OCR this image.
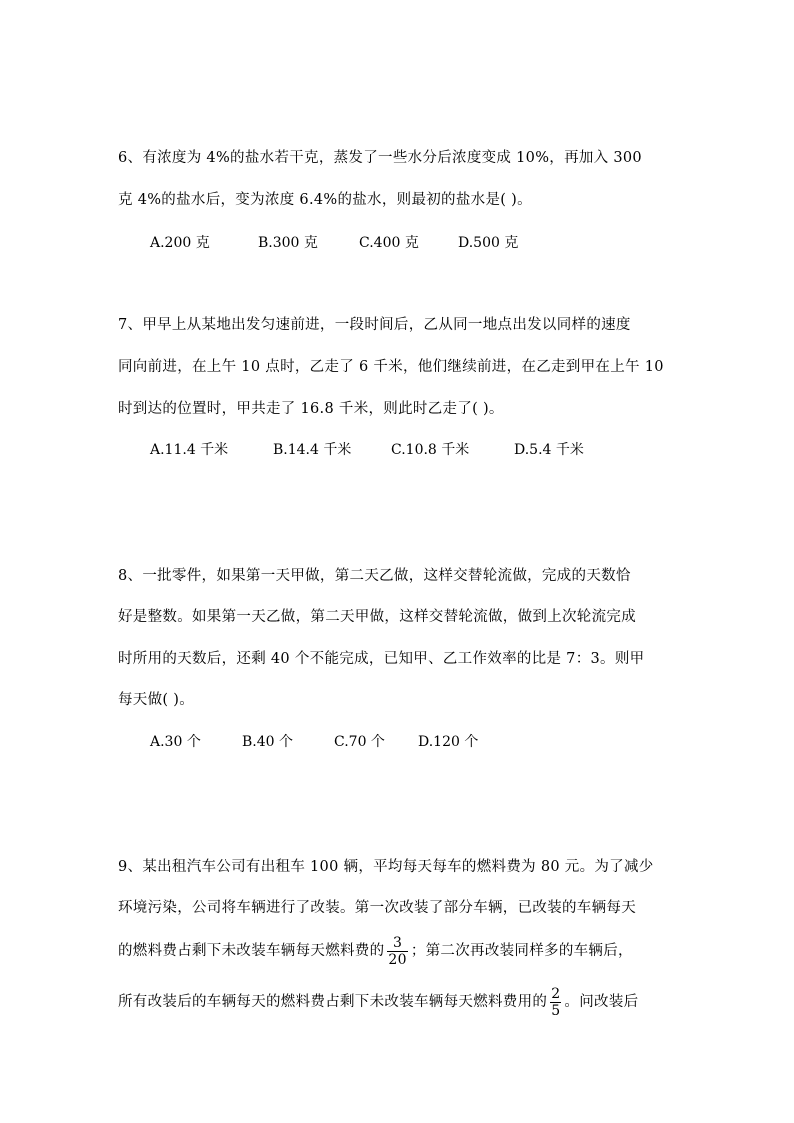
6、有浓度为 4%的盐水若干克，蒸发了一些水分后浓度变成 10%，再加入 300
克 4%的盐水后，变为浓度 6.4%的盐水，则最初的盐水是( )。
A.200 克	B.300 克	C.400 克	D.500 克
7、甲早上从某地出发匀速前进，一段时间后，乙从同一地点出发以同样的速度
同向前进，在上午 10 点时，乙走了 6 千米，他们继续前进，在乙走到甲在上午 10
时到达的位置时，甲共走了 16.8 千米，则此时乙走了( )。
A.11.4 千米	B.14.4 千米	C.10.8 千米	D.5.4 千米
8、一批零件，如果第一天甲做，第二天乙做，这样交替轮流做，完成的天数恰
好是整数。如果第一天乙做，第二天甲做，这样交替轮流做，做到上次轮流完成
时所用的天数后，还剩 40 个不能完成，已知甲、乙工作效率的比是 7：3。则甲
每天做( )。
A.30 个	B.40 个	C.70 个 D.120 个
9、某出租汽车公司有出租车 100 辆，平均每天每车的燃料费为 80 元。为了减少
环境污染，公司将车辆进行了改装。第一次改装了部分车辆，已改装的车辆每天
的燃料费占剩下未改装车辆每天燃料费的 $\frac{3}{20}$ ；第二次再改装同样多的车辆后，
所有改装后的车辆每天的燃料费占剩下未改装车辆每天燃料费用的 $\frac{2}{5}$ 。问改装后
